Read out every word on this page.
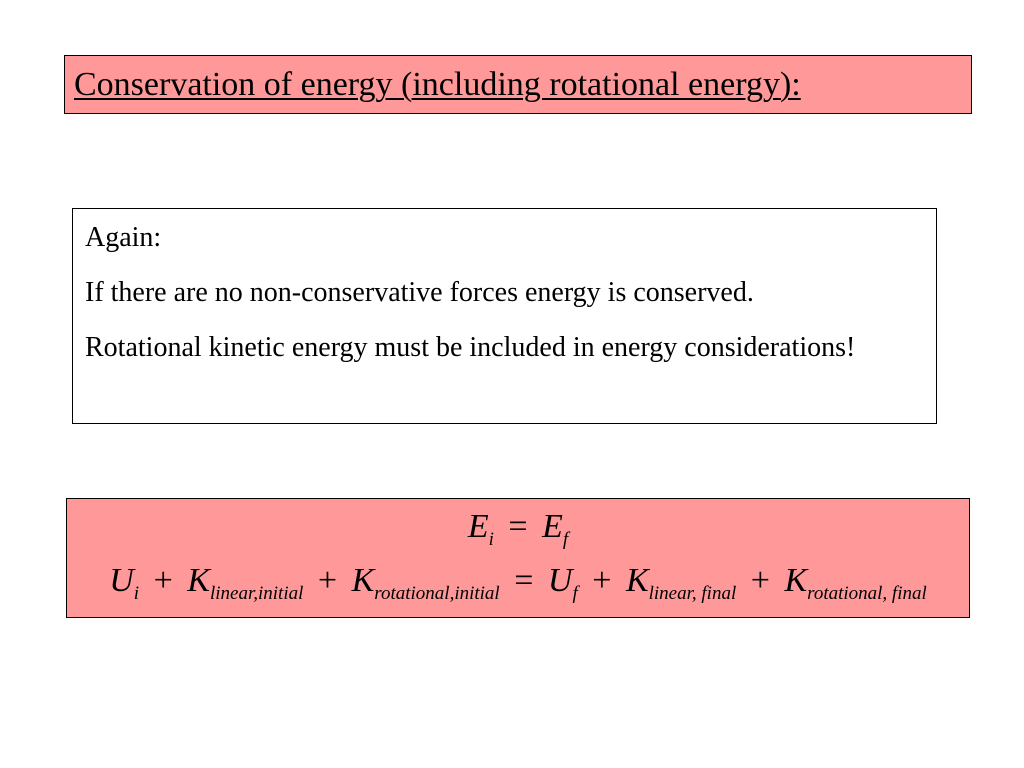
Conservation of energy (including rotational energy):

Again:

If there are no non-conservative forces energy is conserved.

Rotational kinetic energy must be included in energy considerations!

$E_i = E_f$
$U_i + K_{linear,initial} + K_{rotational,initial} = U_f + K_{linear, final} + K_{rotational, final}$
